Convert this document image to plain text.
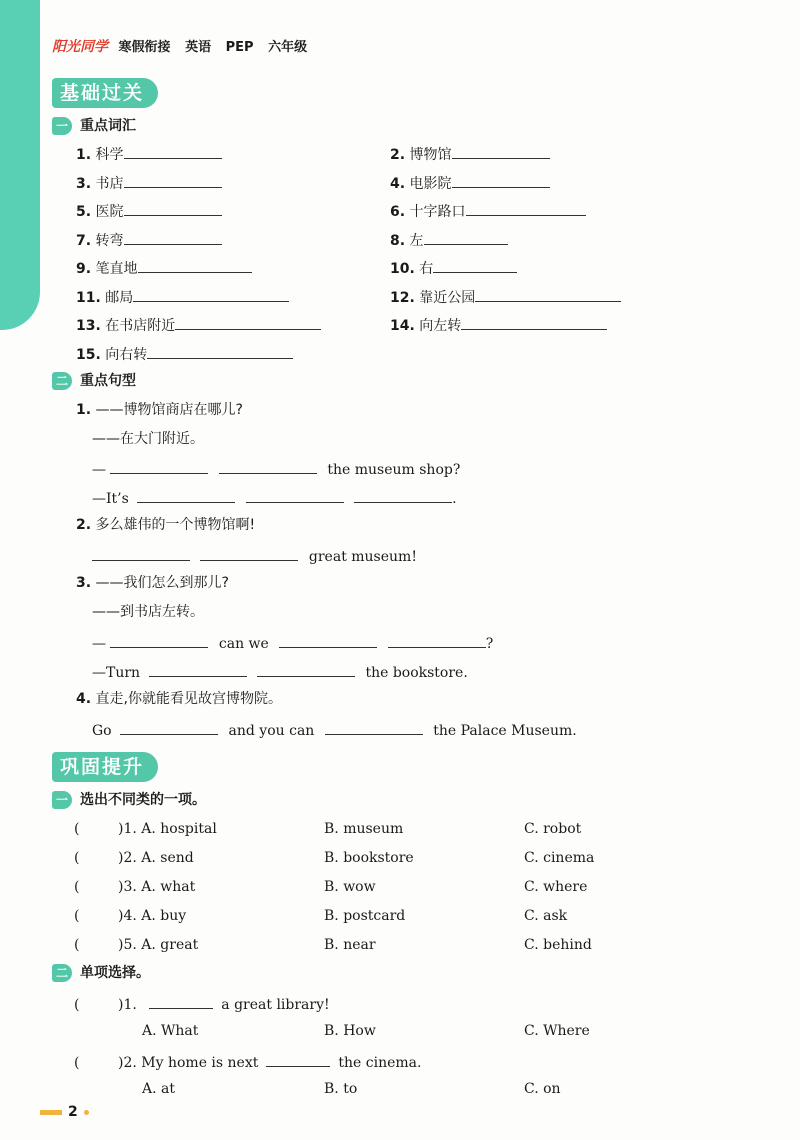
阳光同学 寒假衔接 英语 PEP 六年级
基础过关
一 重点词汇
1. 科学	2. 博物馆
3. 书店	4. 电影院
5. 医院	6. 十字路口
7. 转弯	8. 左
9. 笔直地	10. 右
11. 邮局	12. 靠近公园
13. 在书店附近	14. 向左转
15. 向右转
二 重点句型
1. ——博物馆商店在哪儿?
——在大门附近。
—	the museum shop?
—It’s	.
2. 多么雄伟的一个博物馆啊!
great museum!
3. ——我们怎么到那儿?
——到书店左转。
—	can we	?
—Turn	the bookstore.
4. 直走,你就能看见故宫博物院。
Go	and you can	the Palace Museum.
巩固提升
一 选出不同类的一项。
(	)1. A. hospital	B. museum	C. robot
(	)2. A. send	B. bookstore	C. cinema
(	)3. A. what	B. wow	C. where
(	)4. A. buy	B. postcard	C. ask
(	)5. A. great	B. near	C. behind
二 单项选择。
(	)1.	a great library!
A. What	B. How	C. Where
(	)2. My home is next	the cinema.
A. at	B. to	C. on
2
